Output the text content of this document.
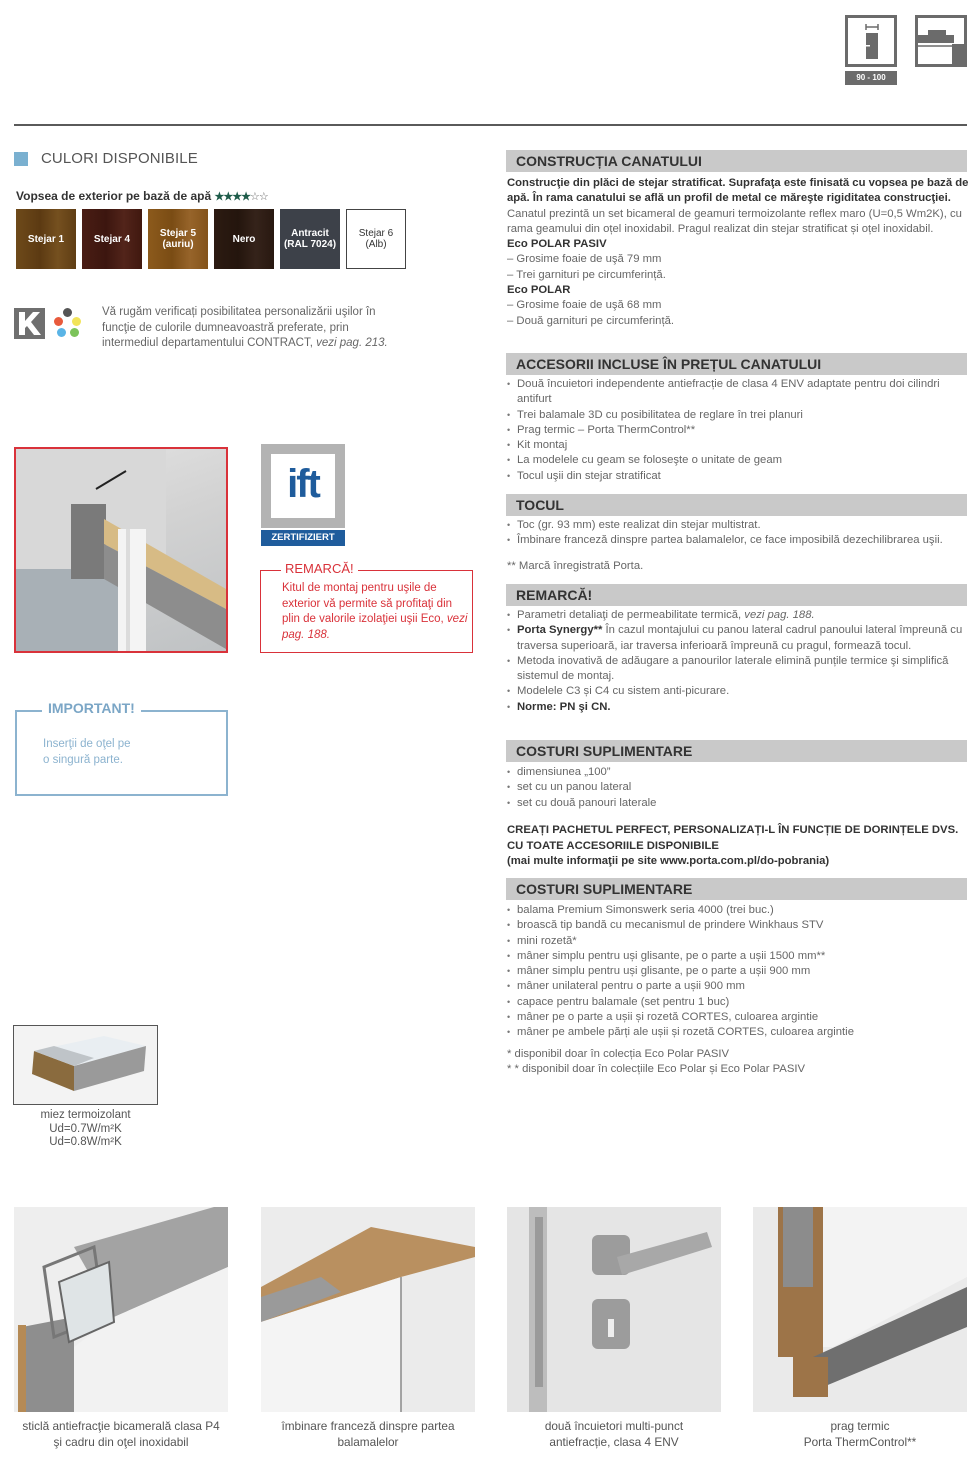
90 - 100
CULORI DISPONIBILE
Vopsea de exterior pe bază de apă ★★★★☆☆
Stejar 1	Stejar 4	Stejar 5
(auriu)	Nero	Antracit
(RAL 7024)
Stejar 6
(Alb)
Vă rugăm verificați posibilitatea personalizării uşilor în funcţie de culorile dumneavoastră preferate, prin intermediul departamentului CONTRACT, vezi pag. 213.
ift
ZERTIFIZIERT
REMARCĂ!
Kitul de montaj pentru uşile de exterior vă permite să profitaţi din plin de valorile izolaţiei uşii Eco, vezi pag. 188.
IMPORTANT!
Inserţii de oţel pe
o singură parte.
miez termoizolant
Ud=0.7W/m²K
Ud=0.8W/m²K
CONSTRUCȚIA CANATULUI
Construcţie din plăci de stejar stratificat. Suprafaţa este finisată cu vopsea pe bază de apă. În rama canatului se află un profil de metal ce măreşte rigiditatea construcţiei. Canatul prezintă un set bicameral de geamuri termoizolante reflex maro (U=0,5 Wm2K), cu rama geamului din oțel inoxidabil. Pragul realizat din stejar stratificat și oțel inoxidabil.
Eco POLAR PASIV
– Grosime foaie de uşă 79 mm
– Trei garnituri pe circumferință.
Eco POLAR
– Grosime foaie de uşă 68 mm
– Două garnituri pe circumferință.
ACCESORII INCLUSE ÎN PREȚUL CANATULUI
• Două încuietori independente antiefracție de clasa 4 ENV adaptate pentru doi cilindri antifurt
• Trei balamale 3D cu posibilitatea de reglare în trei planuri
• Prag termic – Porta ThermControl**
• Kit montaj
• La modelele cu geam se foloseşte o unitate de geam
• Tocul uşii din stejar stratificat
TOCUL
• Toc (gr. 93 mm) este realizat din stejar multistrat.
• Îmbinare franceză dinspre partea balamalelor, ce face imposibilă dezechilibrarea uşii.
** Marcă înregistrată Porta.
REMARCĂ!
• Parametri detaliaţi de permeabilitate termică, vezi pag. 188.
• Porta Synergy** În cazul montajului cu panou lateral cadrul panoului lateral împreună cu traversa superioară, iar traversa inferioară împreună cu pragul, formează tocul.
• Metoda inovativă de adăugare a panourilor laterale elimină punțile termice şi simplifică sistemul de montaj.
• Modelele C3 și C4 cu sistem anti-picurare.
• Norme: PN şi CN.
COSTURI SUPLIMENTARE
• dimensiunea „100”
• set cu un panou lateral
• set cu două panouri laterale
CREAȚI PACHETUL PERFECT, PERSONALIZAȚI-L ÎN FUNCȚIE DE DORINȚELE DVS.
CU TOATE ACCESORIILE DISPONIBILE
(mai multe informaţii pe site www.porta.com.pl/do-pobrania)
COSTURI SUPLIMENTARE
• balama Premium Simonswerk seria 4000 (trei buc.)
• broască tip bandă cu mecanismul de prindere Winkhaus STV
• mini rozetă*
• mâner simplu pentru uși glisante, pe o parte a ușii 1500 mm**
• mâner simplu pentru uși glisante, pe o parte a ușii 900 mm
• mâner unilateral pentru o parte a ușii 900 mm
• capace pentru balamale (set pentru 1 buc)
• mâner pe o parte a ușii și rozetă CORTES, culoarea argintie
• mâner pe ambele părți ale ușii și rozetă CORTES, culoarea argintie
* disponibil doar în colecția Eco Polar PASIV
* * disponibil doar în colecțiile Eco Polar și Eco Polar PASIV
sticlă antiefracţie bicamerală clasa P4
şi cadru din oţel inoxidabil
îmbinare franceză dinspre partea
balamalelor
două încuietori multi-punct
antiefracție, clasa 4 ENV
prag termic
Porta ThermControl**
